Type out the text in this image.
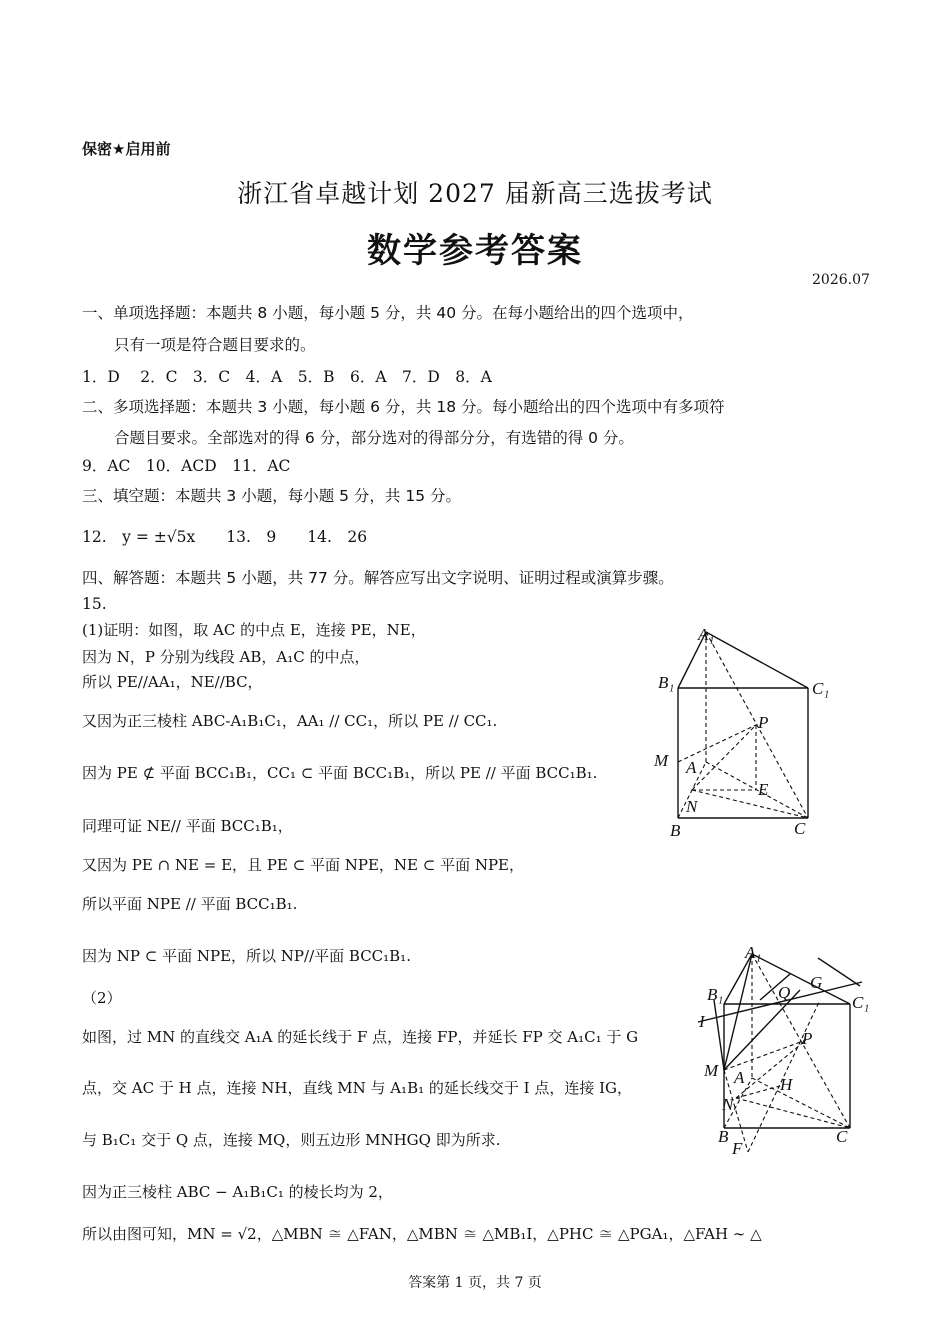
保密★启用前
浙江省卓越计划 2027 届新高三选拔考试
数学参考答案
2026.07
一、单项选择题：本题共 8 小题，每小题 5 分，共 40 分。在每小题给出的四个选项中，
只有一项是符合题目要求的。
1．D　 2．C　3．C　4．A　5．B　6．A　7．D　8．A
二、多项选择题：本题共 3 小题，每小题 6 分，共 18 分。每小题给出的四个选项中有多项符
合题目要求。全部选对的得 6 分，部分选对的得部分分，有选错的得 0 分。
9．AC　10．ACD　11．AC
三、填空题：本题共 3 小题，每小题 5 分，共 15 分。
12.　y = ±√5x　　13.　9　　14.　26
四、解答题：本题共 5 小题，共 77 分。解答应写出文字说明、证明过程或演算步骤。
15.
(1)证明：如图，取 AC 的中点 E，连接 PE，NE，
因为 N，P 分别为线段 AB，A₁C 的中点，
所以 PE//AA₁，NE//BC，
又因为正三棱柱 ABC-A₁B₁C₁，AA₁ // CC₁，所以 PE // CC₁.
因为 PE ⊄ 平面 BCC₁B₁，CC₁ ⊂ 平面 BCC₁B₁，所以 PE // 平面 BCC₁B₁.
同理可证 NE// 平面 BCC₁B₁，
又因为 PE ∩ NE = E，且 PE ⊂ 平面 NPE，NE ⊂ 平面 NPE，
所以平面 NPE // 平面 BCC₁B₁.
因为 NP ⊂ 平面 NPE，所以 NP//平面 BCC₁B₁.
（2）
如图，过 MN 的直线交 A₁A 的延长线于 F 点，连接 FP，并延长 FP 交 A₁C₁ 于 G
点，交 AC 于 H 点，连接 NH，直线 MN 与 A₁B₁ 的延长线交于 I 点，连接 IG，
与 B₁C₁ 交于 Q 点，连接 MQ，则五边形 MNHGQ 即为所求.
因为正三棱柱 ABC − A₁B₁C₁ 的棱长均为 2，
所以由图可知，MN = √2，△MBN ≅ △FAN，△MBN ≅ △MB₁I，△PHC ≅ △PGA₁，△FAH ∼ △
答案第 1 页，共 7 页
A₁
B₁	C₁
P
M A
E
N
B	C
A₁
B₁	C₁
G
Q
I
P
M A H
N
B
F
C
